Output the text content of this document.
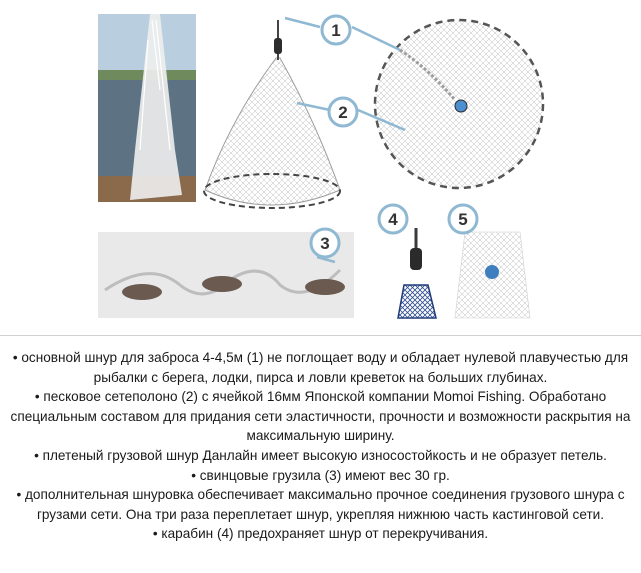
1
2
3
4	5

• основной шнур для заброса 4-4,5м (1) не поглощает воду и обладает нулевой плавучестью для рыбалки с берега, лодки, пирса и ловли креветок на больших глубинах.

• песковое сетеполоно (2) с ячейкой 16мм Японской компании Momoi Fishing. Обработано специальным составом для придания сети эластичности, прочности и возможности раскрытия на максимальную ширину.

• плетеный грузовой шнур Данлайн имеет высокую износостойкость и не образует петель.

• свинцовые грузила (3) имеют вес 30 гр.

• дополнительная шнуровка обеспечивает максимально прочное соединения грузового шнура с грузами сети. Она три раза переплетает шнур, укрепляя нижнюю часть кастинговой сети.

• карабин (4) предохраняет шнур от перекручивания.
